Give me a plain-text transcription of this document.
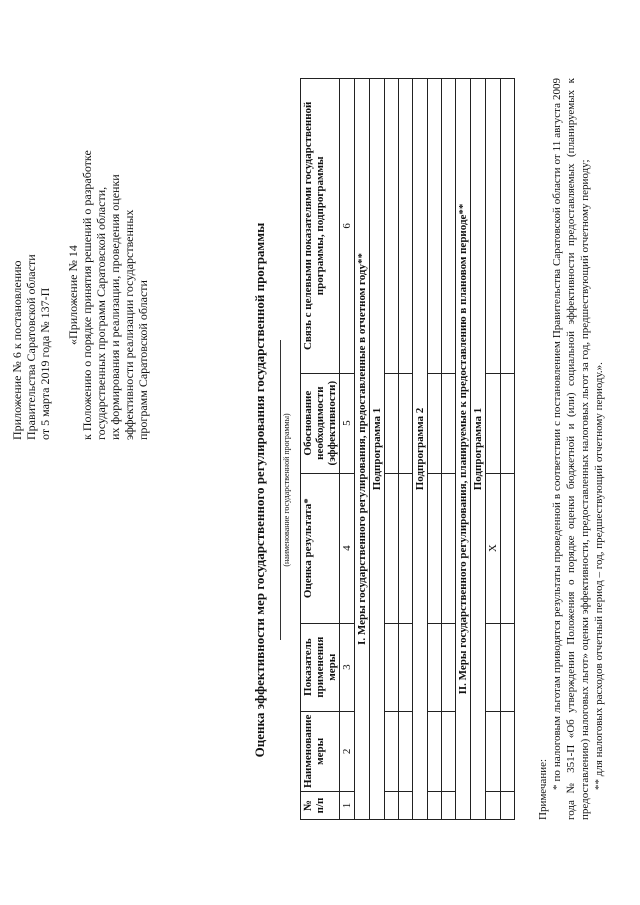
Приложение № 6 к постановлению Правительства Саратовской области от 5 марта 2019 года № 137-П «Приложение № 14 к Положению о порядке принятия решений о разработке государственных программ Саратовской области, их формирования и реализации, проведения оценки эффективности реализации государственных программ Саратовской области	Оценка эффективности мер государственного регулирования государственной программы (наименование государственной программы)
№ п/п	Наименование меры	Показатель применения меры	Оценка результата*	Обоснование необходимости (эффективности)	Связь с целевыми показателями государственной программы, подпрограммы
1	2	3	4	5	6
I. Меры государственного регулирования, предоставленные в отчетном году**					
Подпрограмма 1					

Подпрограмма 2					

II. Меры государственного регулирования, планируемые к предоставлению в плановом периоде**					
Подпрограмма 1					
			X		

Примечание: * по налоговым льготам приводятся результаты проведенной в соответствии с постановлением Правительства Саратовской области от 11 августа 2009 года № 351-П «Об утверждении Положения о порядке оценки бюджетной и (или) социальной эффективности предоставляемых (планируемых к предоставлению) налоговых льгот» оценки эффективности, предоставленных налоговых льгот за год, предшествующий отчетному периоду; ** для налоговых расходов отчетный период – год, предшествующий отчетному периоду.».
